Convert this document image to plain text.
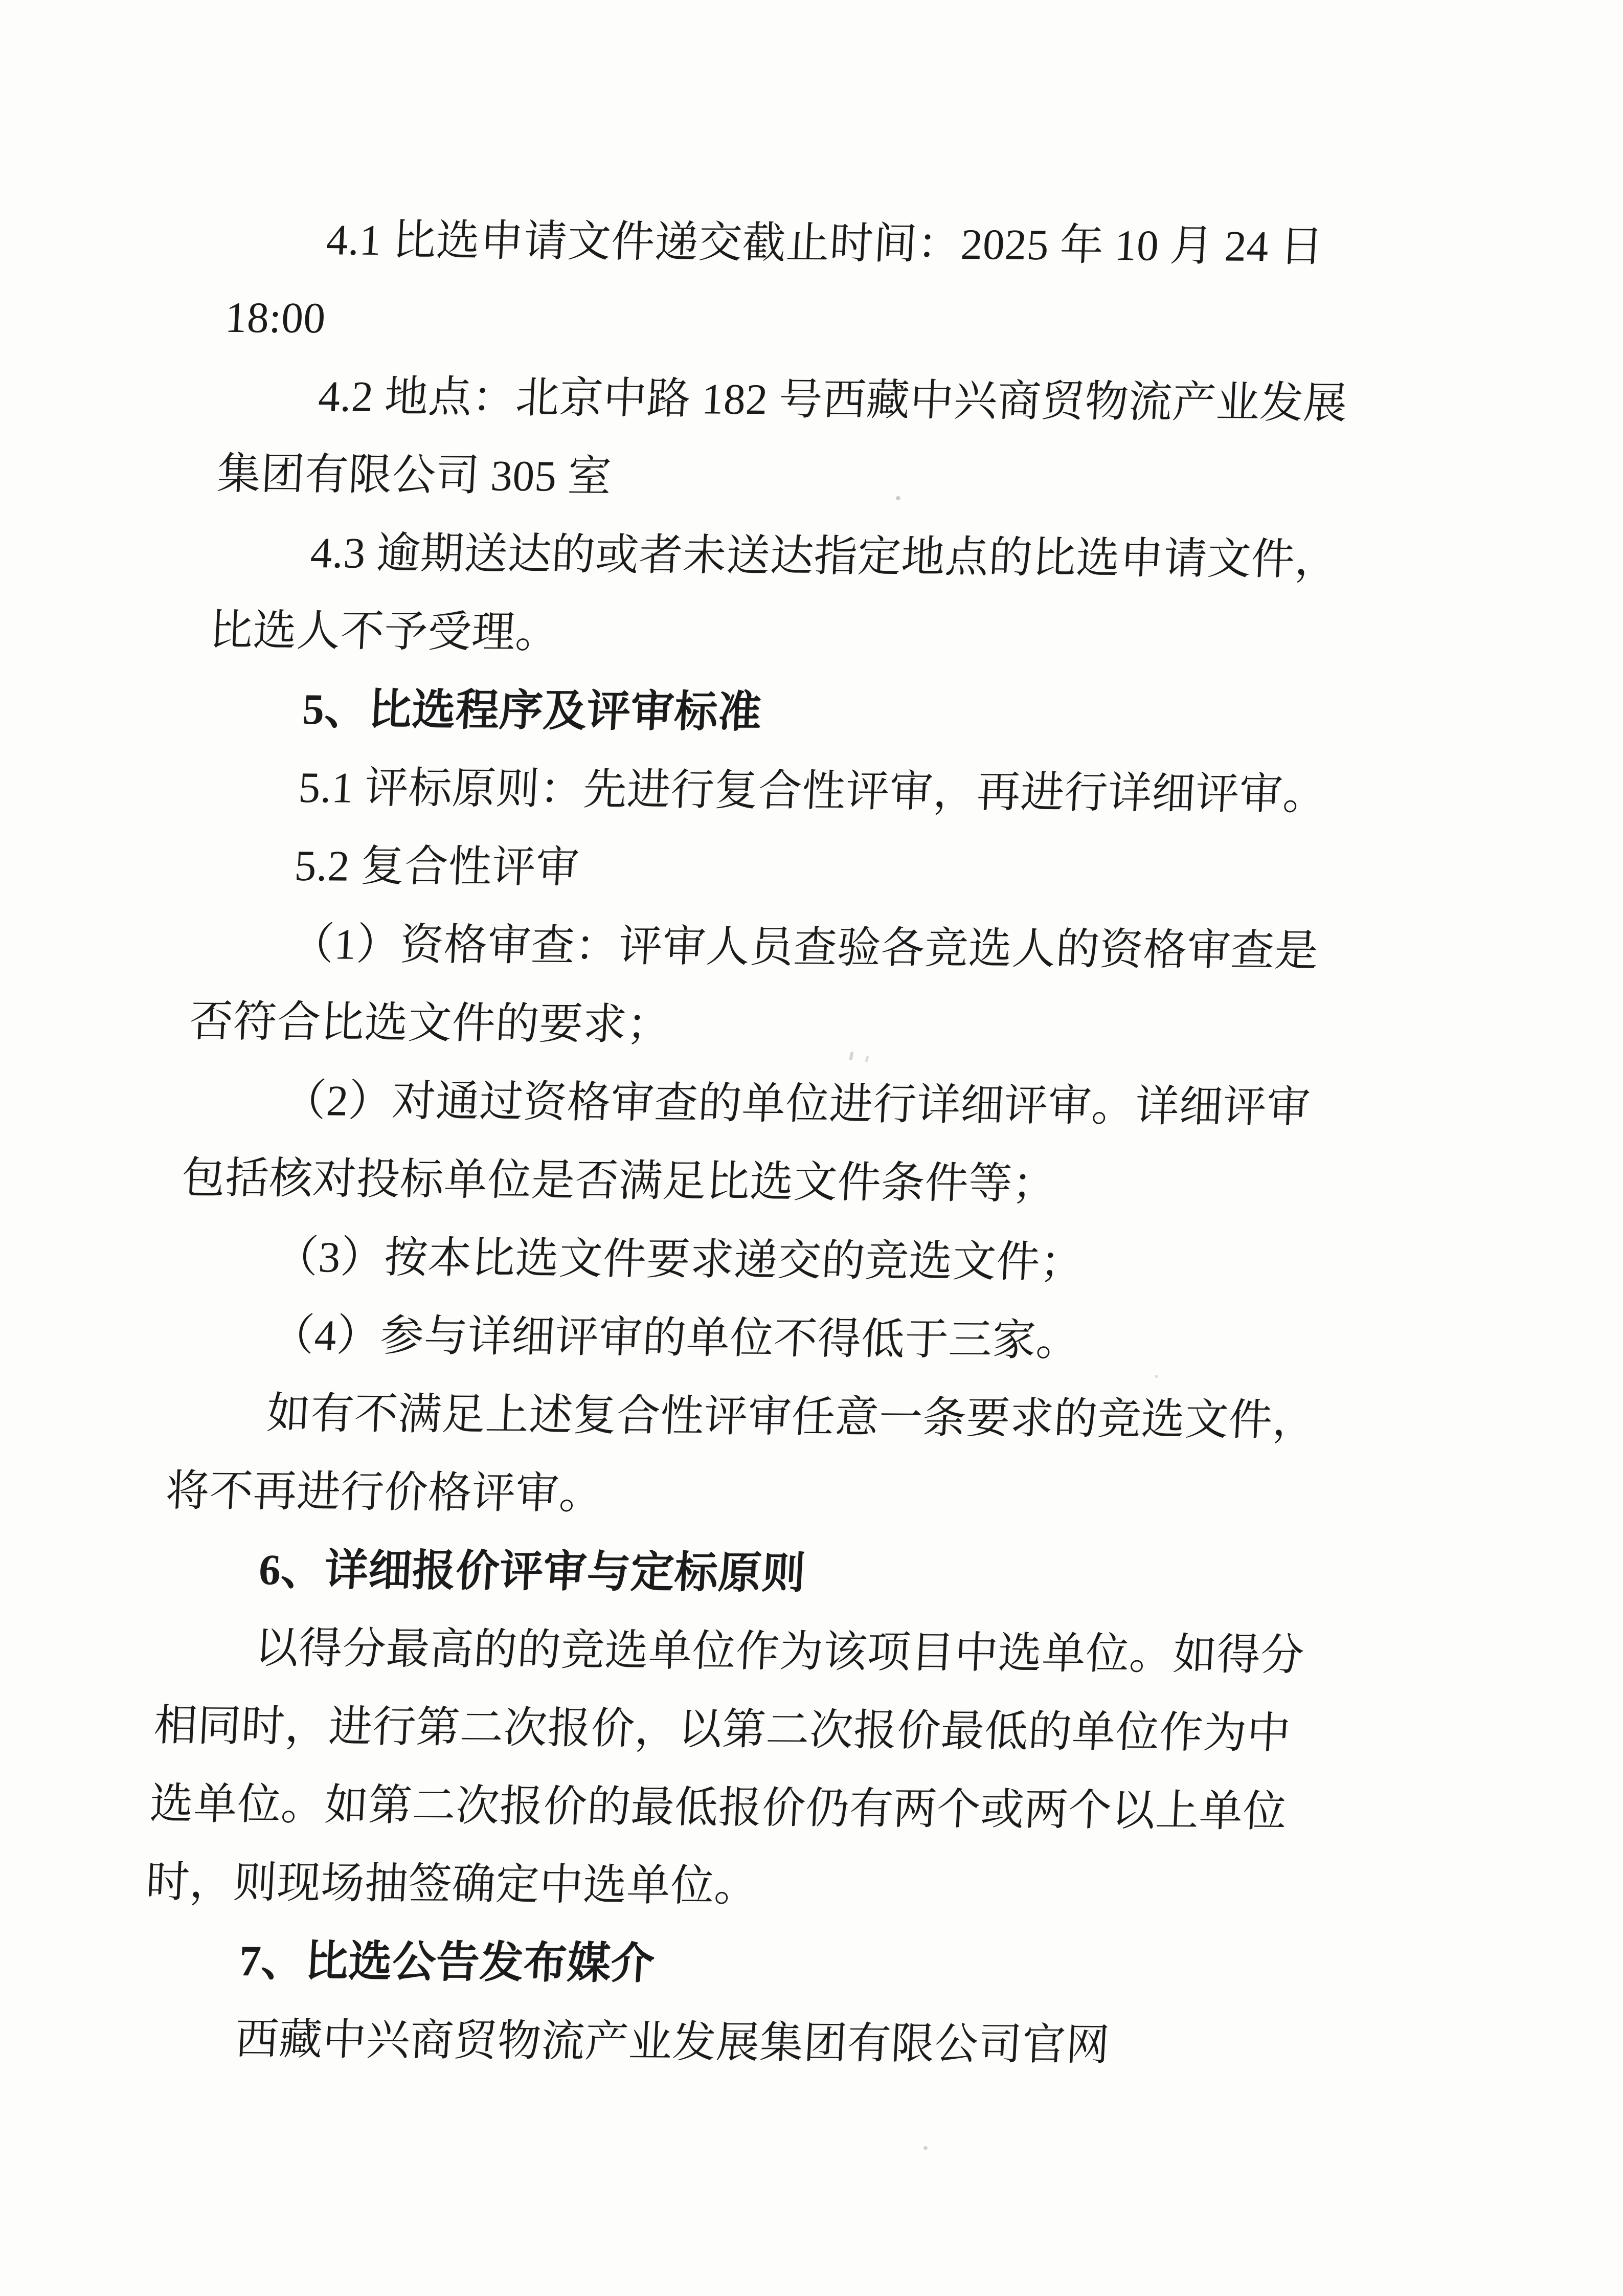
4.1 比选申请文件递交截止时间：2025 年 10 月 24 日
18:00
4.2 地点：北京中路 182 号西藏中兴商贸物流产业发展
集团有限公司 305 室
4.3 逾期送达的或者未送达指定地点的比选申请文件，
比选人不予受理。
5、比选程序及评审标准
5.1 评标原则：先进行复合性评审，再进行详细评审。
5.2 复合性评审
（1）资格审查：评审人员查验各竞选人的资格审查是
否符合比选文件的要求；
（2）对通过资格审查的单位进行详细评审。详细评审
包括核对投标单位是否满足比选文件条件等；
（3）按本比选文件要求递交的竞选文件；
（4）参与详细评审的单位不得低于三家。
如有不满足上述复合性评审任意一条要求的竞选文件，
将不再进行价格评审。
6、详细报价评审与定标原则
以得分最高的的竞选单位作为该项目中选单位。如得分
相同时，进行第二次报价，以第二次报价最低的单位作为中
选单位。如第二次报价的最低报价仍有两个或两个以上单位
时，则现场抽签确定中选单位。
7、比选公告发布媒介
西藏中兴商贸物流产业发展集团有限公司官网
